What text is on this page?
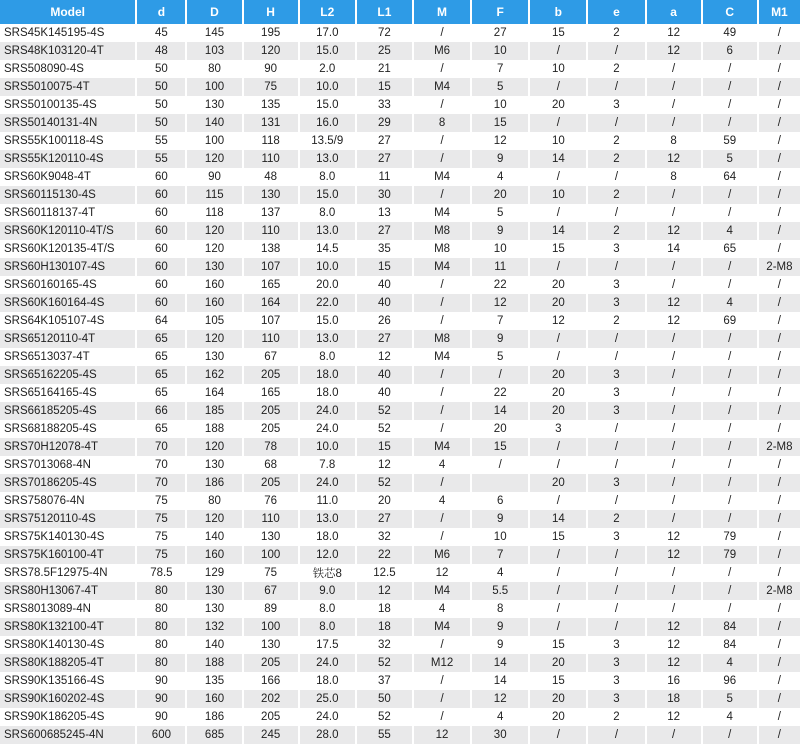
Model	d	D	H	L2	L1	M	F	b	e	a	C	M1
SRS45K145195-4S	45	145	195	17.0	72	/	27	15	2	12	49	/
SRS48K103120-4T	48	103	120	15.0	25	M6	10	/	/	12	6	/
SRS508090-4S	50	80	90	2.0	21	/	7	10	2	/	/	/
SRS5010075-4T	50	100	75	10.0	15	M4	5	/	/	/	/	/
SRS50100135-4S	50	130	135	15.0	33	/	10	20	3	/	/	/
SRS50140131-4N	50	140	131	16.0	29	8	15	/	/	/	/	/
SRS55K100118-4S	55	100	118	13.5/9	27	/	12	10	2	8	59	/
SRS55K120110-4S	55	120	110	13.0	27	/	9	14	2	12	5	/
SRS60K9048-4T	60	90	48	8.0	11	M4	4	/	/	8	64	/
SRS60115130-4S	60	115	130	15.0	30	/	20	10	2	/	/	/
SRS60118137-4T	60	118	137	8.0	13	M4	5	/	/	/	/	/
SRS60K120110-4T/S	60	120	110	13.0	27	M8	9	14	2	12	4	/
SRS60K120135-4T/S	60	120	138	14.5	35	M8	10	15	3	14	65	/
SRS60H130107-4S	60	130	107	10.0	15	M4	11	/	/	/	/	2-M8
SRS60160165-4S	60	160	165	20.0	40	/	22	20	3	/	/	/
SRS60K160164-4S	60	160	164	22.0	40	/	12	20	3	12	4	/
SRS64K105107-4S	64	105	107	15.0	26	/	7	12	2	12	69	/
SRS65120110-4T	65	120	110	13.0	27	M8	9	/	/	/	/	/
SRS6513037-4T	65	130	67	8.0	12	M4	5	/	/	/	/	/
SRS65162205-4S	65	162	205	18.0	40	/	/	20	3	/	/	/
SRS65164165-4S	65	164	165	18.0	40	/	22	20	3	/	/	/
SRS66185205-4S	66	185	205	24.0	52	/	14	20	3	/	/	/
SRS68188205-4S	65	188	205	24.0	52	/	20	3	/	/	/	/
SRS70H12078-4T	70	120	78	10.0	15	M4	15	/	/	/	/	2-M8
SRS7013068-4N	70	130	68	7.8	12	4	/	/	/	/	/	/
SRS70186205-4S	70	186	205	24.0	52	/		20	3	/	/	/
SRS758076-4N	75	80	76	11.0	20	4	6	/	/	/	/	/
SRS75120110-4S	75	120	110	13.0	27	/	9	14	2	/	/	/
SRS75K140130-4S	75	140	130	18.0	32	/	10	15	3	12	79	/
SRS75K160100-4T	75	160	100	12.0	22	M6	7	/	/	12	79	/
SRS78.5F12975-4N	78.5	129	75	铁芯8	12.5	12	4	/	/	/	/	/
SRS80H13067-4T	80	130	67	9.0	12	M4	5.5	/	/	/	/	2-M8
SRS8013089-4N	80	130	89	8.0	18	4	8	/	/	/	/	/
SRS80K132100-4T	80	132	100	8.0	18	M4	9	/	/	12	84	/
SRS80K140130-4S	80	140	130	17.5	32	/	9	15	3	12	84	/
SRS80K188205-4T	80	188	205	24.0	52	M12	14	20	3	12	4	/
SRS90K135166-4S	90	135	166	18.0	37	/	14	15	3	16	96	/
SRS90K160202-4S	90	160	202	25.0	50	/	12	20	3	18	5	/
SRS90K186205-4S	90	186	205	24.0	52	/	4	20	2	12	4	/
SRS600685245-4N	600	685	245	28.0	55	12	30	/	/	/	/	/
